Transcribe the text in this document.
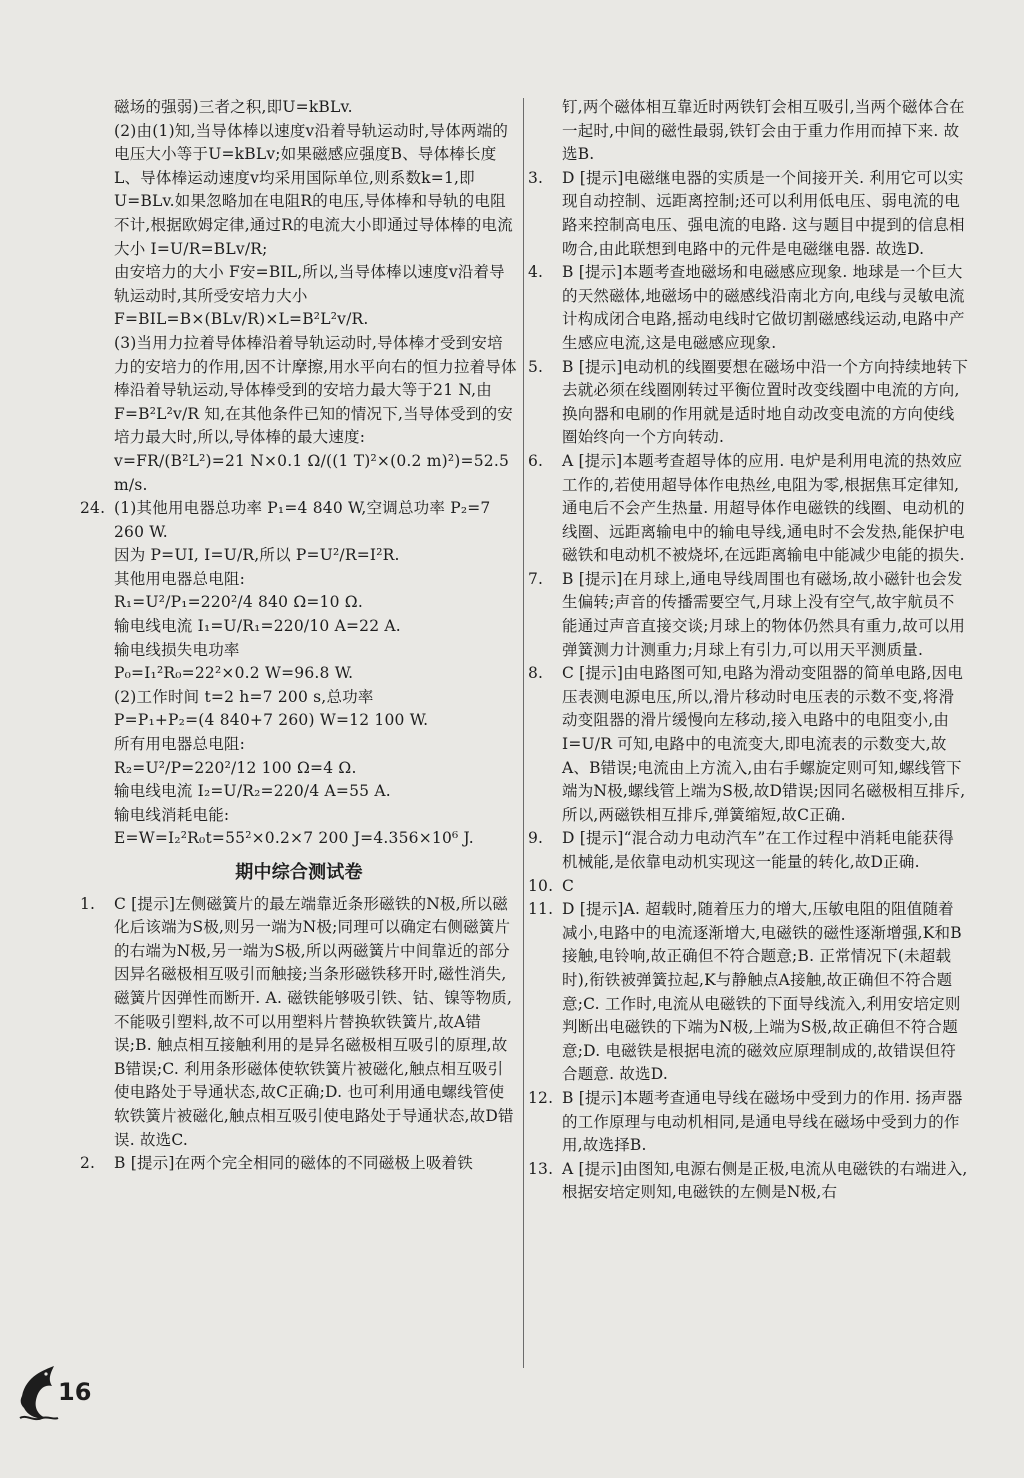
磁场的强弱)三者之积,即U=kBLv.

(2)由(1)知,当导体棒以速度v沿着导轨运动时,导体两端的电压大小等于U=kBLv;如果磁感应强度B、导体棒长度L、导体棒运动速度v均采用国际单位,则系数k=1,即U=BLv.如果忽略加在电阻R的电压,导体棒和导轨的电阻不计,根据欧姆定律,通过R的电流大小即通过导体棒的电流大小 I=U/R=BLv/R;

由安培力的大小 F安=BIL,所以,当导体棒以速度v沿着导轨运动时,其所受安培力大小 F=BIL=B×(BLv/R)×L=B²L²v/R.

(3)当用力拉着导体棒沿着导轨运动时,导体棒才受到安培力的安培力的作用,因不计摩擦,用水平向右的恒力拉着导体棒沿着导轨运动,导体棒受到的安培力最大等于21 N,由 F=B²L²v/R 知,在其他条件已知的情况下,当导体受到的安培力最大时,所以,导体棒的最大速度:

v=FR/(B²L²)=21 N×0.1 Ω/((1 T)²×(0.2 m)²)=52.5 m/s.

24. (1)其他用电器总功率 P₁=4 840 W,空调总功率 P₂=7 260 W.

因为 P=UI, I=U/R,所以 P=U²/R=I²R.

其他用电器总电阻:

R₁=U²/P₁=220²/4 840 Ω=10 Ω.

输电线电流 I₁=U/R₁=220/10 A=22 A.

输电线损失电功率

P₀=I₁²R₀=22²×0.2 W=96.8 W.

(2)工作时间 t=2 h=7 200 s,总功率

P=P₁+P₂=(4 840+7 260) W=12 100 W.

所有用电器总电阻:

R₂=U²/P=220²/12 100 Ω=4 Ω.

输电线电流 I₂=U/R₂=220/4 A=55 A.

输电线消耗电能:

E=W=I₂²R₀t=55²×0.2×7 200 J=4.356×10⁶ J.

期中综合测试卷

1. C [提示]左侧磁簧片的最左端靠近条形磁铁的N极,所以磁化后该端为S极,则另一端为N极;同理可以确定右侧磁簧片的右端为N极,另一端为S极,所以两磁簧片中间靠近的部分因异名磁极相互吸引而触接;当条形磁铁移开时,磁性消失,磁簧片因弹性而断开. A. 磁铁能够吸引铁、钴、镍等物质,不能吸引塑料,故不可以用塑料片替换软铁簧片,故A错误;B. 触点相互接触利用的是异名磁极相互吸引的原理,故B错误;C. 利用条形磁体使软铁簧片被磁化,触点相互吸引使电路处于导通状态,故C正确;D. 也可利用通电螺线管使软铁簧片被磁化,触点相互吸引使电路处于导通状态,故D错误. 故选C.

2. B [提示]在两个完全相同的磁体的不同磁极上吸着铁

钉,两个磁体相互靠近时两铁钉会相互吸引,当两个磁体合在一起时,中间的磁性最弱,铁钉会由于重力作用而掉下来. 故选B.

3. D [提示]电磁继电器的实质是一个间接开关. 利用它可以实现自动控制、远距离控制;还可以利用低电压、弱电流的电路来控制高电压、强电流的电路. 这与题目中提到的信息相吻合,由此联想到电路中的元件是电磁继电器. 故选D.

4. B [提示]本题考查地磁场和电磁感应现象. 地球是一个巨大的天然磁体,地磁场中的磁感线沿南北方向,电线与灵敏电流计构成闭合电路,摇动电线时它做切割磁感线运动,电路中产生感应电流,这是电磁感应现象.

5. B [提示]电动机的线圈要想在磁场中沿一个方向持续地转下去就必须在线圈刚转过平衡位置时改变线圈中电流的方向,换向器和电刷的作用就是适时地自动改变电流的方向使线圈始终向一个方向转动.

6. A [提示]本题考查超导体的应用. 电炉是利用电流的热效应工作的,若使用超导体作电热丝,电阻为零,根据焦耳定律知,通电后不会产生热量. 用超导体作电磁铁的线圈、电动机的线圈、远距离输电中的输电导线,通电时不会发热,能保护电磁铁和电动机不被烧坏,在远距离输电中能减少电能的损失.

7. B [提示]在月球上,通电导线周围也有磁场,故小磁针也会发生偏转;声音的传播需要空气,月球上没有空气,故宇航员不能通过声音直接交谈;月球上的物体仍然具有重力,故可以用弹簧测力计测重力;月球上有引力,可以用天平测质量.

8. C [提示]由电路图可知,电路为滑动变阻器的简单电路,因电压表测电源电压,所以,滑片移动时电压表的示数不变,将滑动变阻器的滑片缓慢向左移动,接入电路中的电阻变小,由 I=U/R 可知,电路中的电流变大,即电流表的示数变大,故A、B错误;电流由上方流入,由右手螺旋定则可知,螺线管下端为N极,螺线管上端为S极,故D错误;因同名磁极相互排斥,所以,两磁铁相互排斥,弹簧缩短,故C正确.

9. D [提示]“混合动力电动汽车”在工作过程中消耗电能获得机械能,是依靠电动机实现这一能量的转化,故D正确.

10. C

11. D [提示]A. 超载时,随着压力的增大,压敏电阻的阻值随着减小,电路中的电流逐渐增大,电磁铁的磁性逐渐增强,K和B接触,电铃响,故正确但不符合题意;B. 正常情况下(未超载时),衔铁被弹簧拉起,K与静触点A接触,故正确但不符合题意;C. 工作时,电流从电磁铁的下面导线流入,利用安培定则判断出电磁铁的下端为N极,上端为S极,故正确但不符合题意;D. 电磁铁是根据电流的磁效应原理制成的,故错误但符合题意. 故选D.

12. B [提示]本题考查通电导线在磁场中受到力的作用. 扬声器的工作原理与电动机相同,是通电导线在磁场中受到力的作用,故选择B.

13. A [提示]由图知,电源右侧是正极,电流从电磁铁的右端进入,根据安培定则知,电磁铁的左侧是N极,右

16
